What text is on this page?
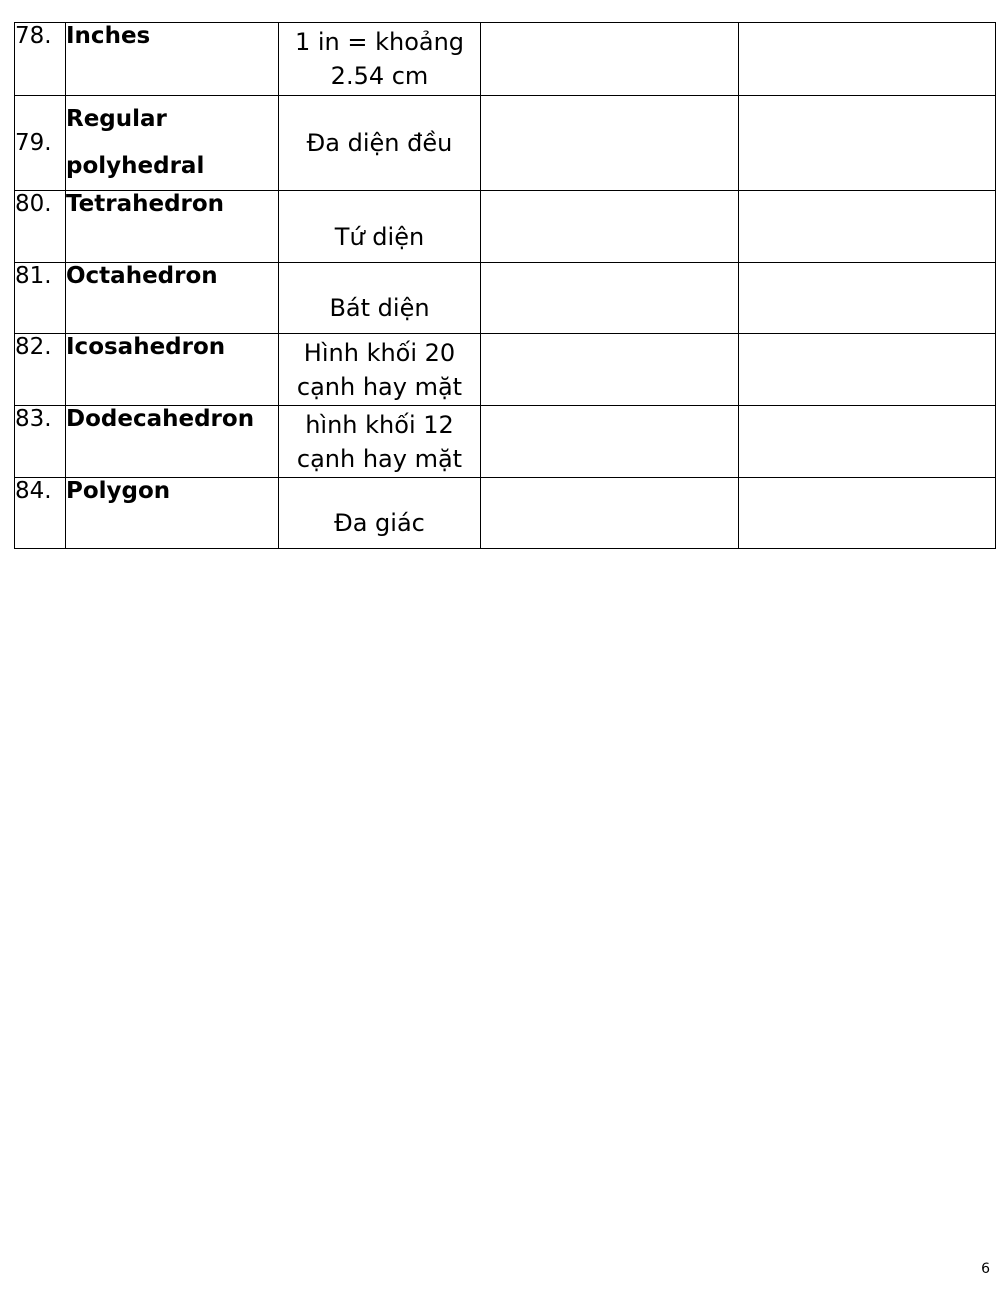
78.	Inches	1 in = khoảng 2.54 cm		
79.	Regular polyhedral	Đa diện đều		
80.	Tetrahedron	Tứ diện		
81.	Octahedron	Bát diện		
82.	Icosahedron	Hình khối 20 cạnh hay mặt		
83.	Dodecahedron	hình khối 12 cạnh hay mặt		
84.	Polygon	Đa giác		
6
